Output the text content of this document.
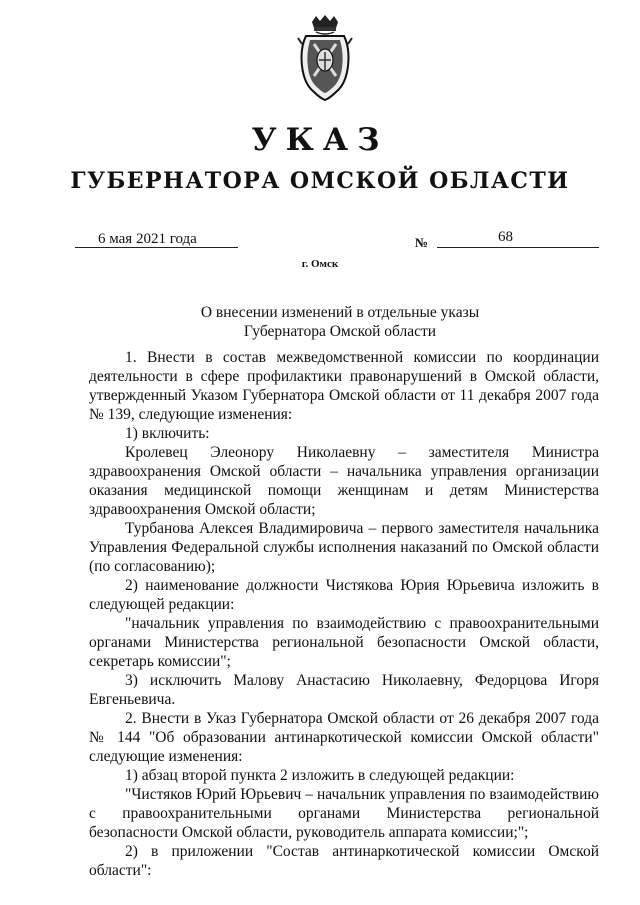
УКАЗ
ГУБЕРНАТОРА ОМСКОЙ ОБЛАСТИ
6 мая 2021 года	№	68
г. Омск
О внесении изменений в отдельные указы
Губернатора Омской области

1. Внести в состав межведомственной комиссии по координации деятельности в сфере профилактики правонарушений в Омской области, утвержденный Указом Губернатора Омской области от 11 декабря 2007 года № 139, следующие изменения:

1) включить:

Кролевец Элеонору Николаевну – заместителя Министра здравоохранения Омской области – начальника управления организации оказания медицинской помощи женщинам и детям Министерства здравоохранения Омской области;

Турбанова Алексея Владимировича – первого заместителя начальника Управления Федеральной службы исполнения наказаний по Омской области (по согласованию);

2) наименование должности Чистякова Юрия Юрьевича изложить в следующей редакции:

"начальник управления по взаимодействию с правоохранительными органами Министерства региональной безопасности Омской области, секретарь комиссии";

3) исключить Малову Анастасию Николаевну, Федорцова Игоря Евгеньевича.

2. Внести в Указ Губернатора Омской области от 26 декабря 2007 года № 144 "Об образовании антинаркотической комиссии Омской области" следующие изменения:

1) абзац второй пункта 2 изложить в следующей редакции:

"Чистяков Юрий Юрьевич – начальник управления по взаимодействию с правоохранительными органами Министерства региональной безопасности Омской области, руководитель аппарата комиссии;";

2) в приложении "Состав антинаркотической комиссии Омской области":
